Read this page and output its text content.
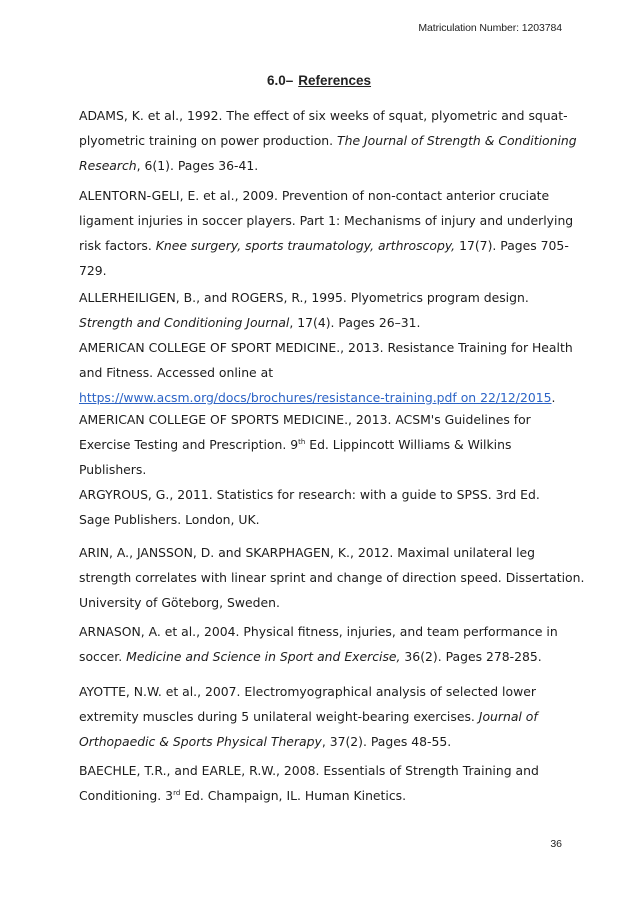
Matriculation Number: 1203784
6.0– References
ADAMS, K. et al., 1992. The effect of six weeks of squat, plyometric and squat-
plyometric training on power production. The Journal of Strength & Conditioning
Research, 6(1). Pages 36-41.
ALENTORN-GELI, E. et al., 2009. Prevention of non-contact anterior cruciate
ligament injuries in soccer players. Part 1: Mechanisms of injury and underlying
risk factors. Knee surgery, sports traumatology, arthroscopy, 17(7). Pages 705-
729.
ALLERHEILIGEN, B., and ROGERS, R., 1995. Plyometrics program design.
Strength and Conditioning Journal, 17(4). Pages 26–31.
AMERICAN COLLEGE OF SPORT MEDICINE., 2013. Resistance Training for Health
and Fitness. Accessed online at
https://www.acsm.org/docs/brochures/resistance-training.pdf on 22/12/2015.
AMERICAN COLLEGE OF SPORTS MEDICINE., 2013. ACSM's Guidelines for
Exercise Testing and Prescription. 9th Ed. Lippincott Williams & Wilkins
Publishers.
ARGYROUS, G., 2011. Statistics for research: with a guide to SPSS. 3rd Ed.
Sage Publishers. London, UK.
ARIN, A., JANSSON, D. and SKARPHAGEN, K., 2012. Maximal unilateral leg
strength correlates with linear sprint and change of direction speed. Dissertation.
University of Göteborg, Sweden.
ARNASON, A. et al., 2004. Physical fitness, injuries, and team performance in
soccer. Medicine and Science in Sport and Exercise, 36(2). Pages 278-285.
AYOTTE, N.W. et al., 2007. Electromyographical analysis of selected lower
extremity muscles during 5 unilateral weight-bearing exercises. Journal of
Orthopaedic & Sports Physical Therapy, 37(2). Pages 48-55.
BAECHLE, T.R., and EARLE, R.W., 2008. Essentials of Strength Training and
Conditioning. 3rd Ed. Champaign, IL. Human Kinetics.
36
